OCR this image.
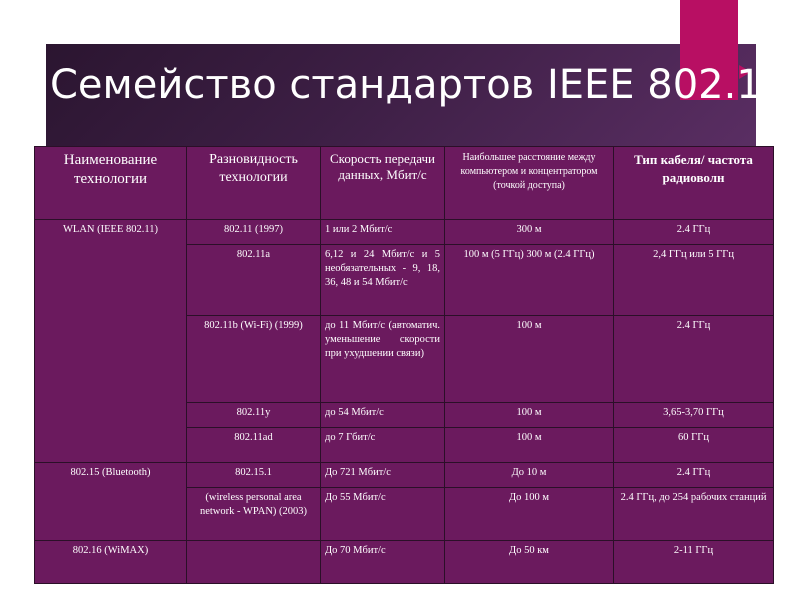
Семейство стандартов IEEE 802.11
Наименование технологии	Разновидность технологии	Скорость передачи данных, Мбит/с	Наибольшее расстояние между компьютером и концентратором (точкой доступа)	Тип кабеля/ частота радиоволн
WLAN (IEEE 802.11)	802.11 (1997)	1 или 2 Мбит/с	300 м	2.4 ГГц
	802.11a	6,12 и 24 Мбит/с и 5 необязательных - 9, 18, 36, 48 и 54 Мбит/с	100 м (5 ГГц) 300 м (2.4 ГГц)	2,4 ГГц или 5 ГГц
	802.11b (Wi-Fi) (1999)	до 11 Мбит/с (автоматич. уменьшение скорости при ухудшении связи)	100 м	2.4 ГГц
	802.11y	до 54 Мбит/с	100 м	3,65-3,70 ГГц
	802.11ad	до 7 Гбит/с	100 м	60 ГГц
802.15 (Bluetooth)	802.15.1	До 721 Мбит/с	До 10 м	2.4 ГГц
	(wireless personal area network - WPAN) (2003)	До 55 Мбит/с	До 100 м	2.4 ГГц, до 254 рабочих станций
802.16 (WiMAX)		До 70 Мбит/с	До 50 км	2-11 ГГц
